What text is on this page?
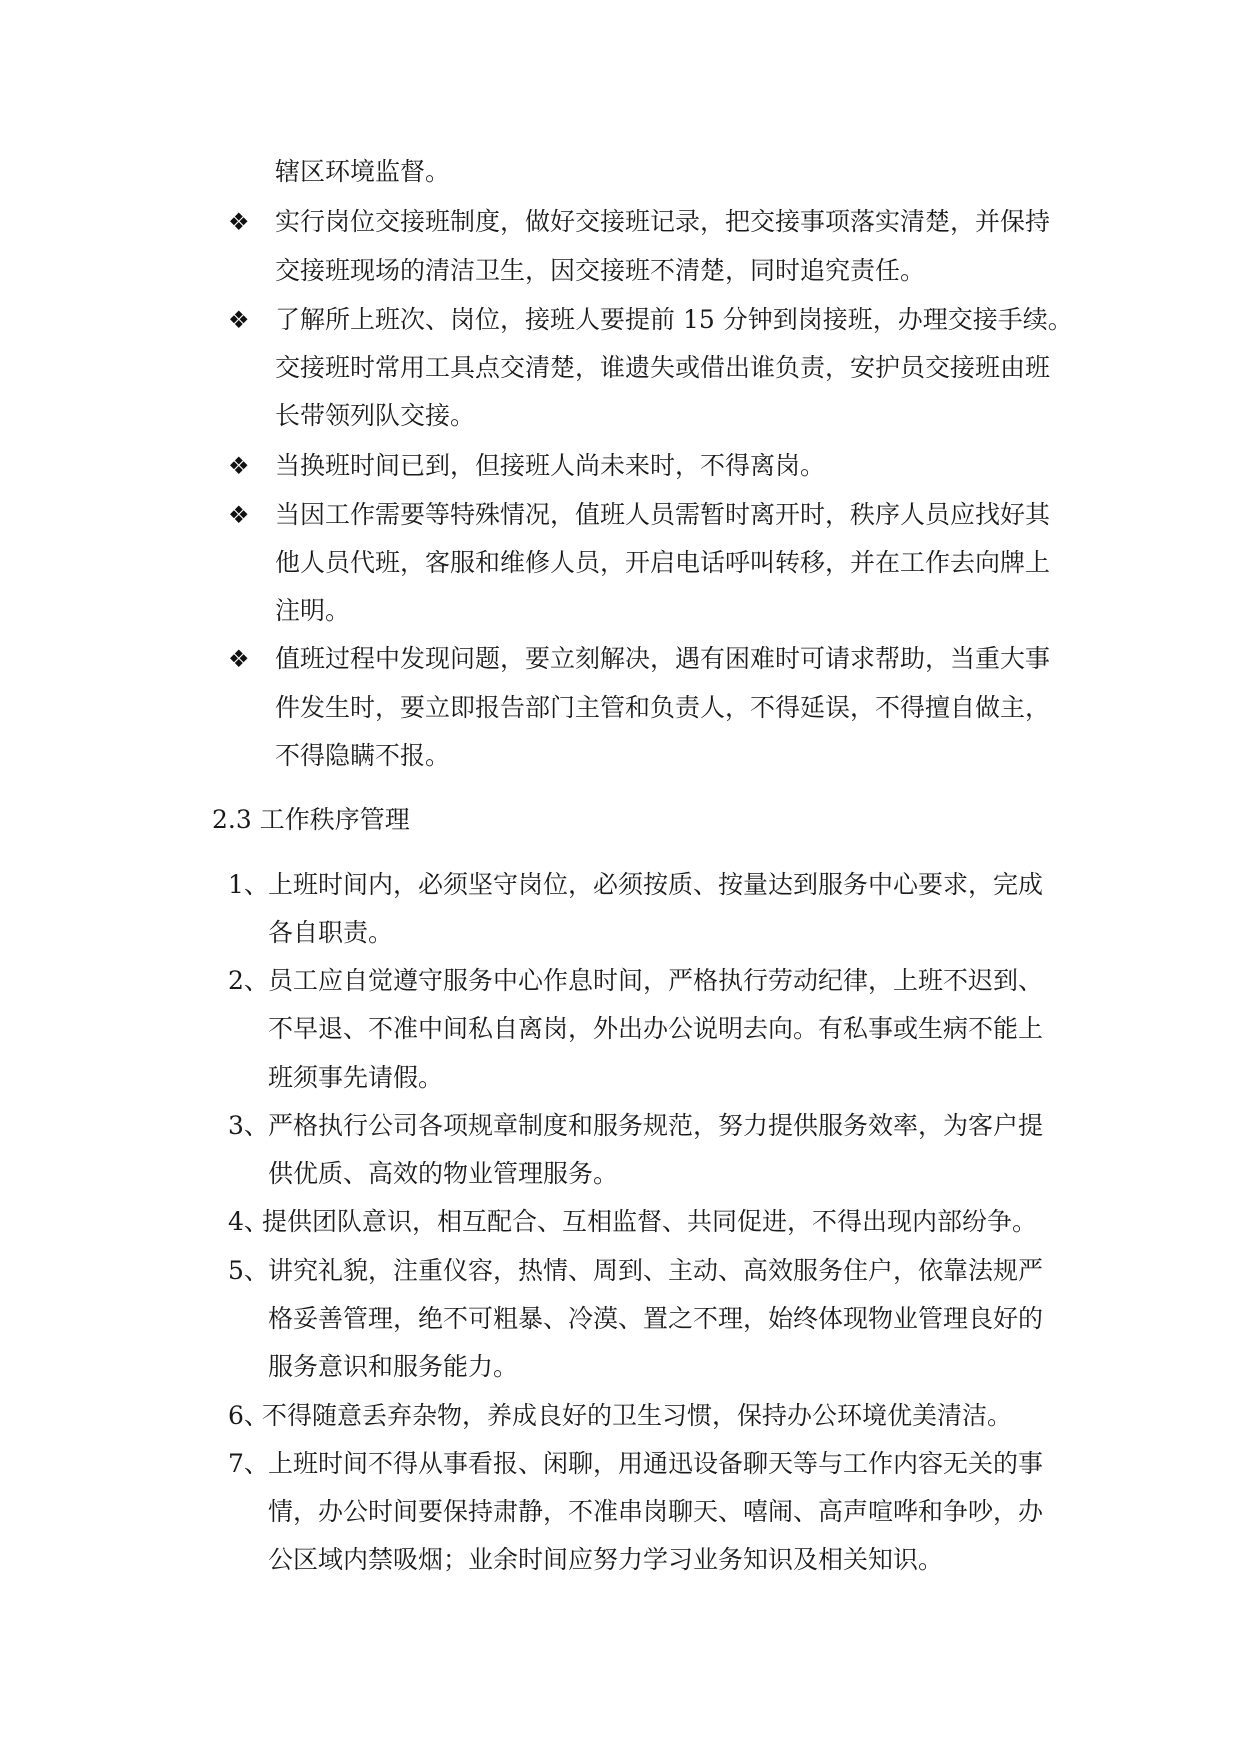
辖区环境监督。
❖ 实行岗位交接班制度，做好交接班记录，把交接事项落实清楚，并保持
交接班现场的清洁卫生，因交接班不清楚，同时追究责任。
❖ 了解所上班次、岗位，接班人要提前 15 分钟到岗接班，办理交接手续。
交接班时常用工具点交清楚，谁遗失或借出谁负责，安护员交接班由班
长带领列队交接。
❖ 当换班时间已到，但接班人尚未来时，不得离岗。
❖ 当因工作需要等特殊情况，值班人员需暂时离开时，秩序人员应找好其
他人员代班，客服和维修人员，开启电话呼叫转移，并在工作去向牌上
注明。
❖ 值班过程中发现问题，要立刻解决，遇有困难时可请求帮助，当重大事
件发生时，要立即报告部门主管和负责人，不得延误，不得擅自做主，
不得隐瞒不报。
2.3 工作秩序管理
1、 上班时间内，必须坚守岗位，必须按质、按量达到服务中心要求，完成
各自职责。
2、 员工应自觉遵守服务中心作息时间，严格执行劳动纪律，上班不迟到、
不早退、不准中间私自离岗，外出办公说明去向。有私事或生病不能上
班须事先请假。
3、 严格执行公司各项规章制度和服务规范，努力提供服务效率，为客户提
供优质、高效的物业管理服务。
4、
提供团队意识，相互配合、互相监督、共同促进，不得出现内部纷争。
5、 讲究礼貌，注重仪容，热情、周到、主动、高效服务住户，依靠法规严
格妥善管理，绝不可粗暴、冷漠、置之不理，始终体现物业管理良好的
服务意识和服务能力。
6、
不得随意丢弃杂物，养成良好的卫生习惯，保持办公环境优美清洁。
7、 上班时间不得从事看报、闲聊，用通迅设备聊天等与工作内容无关的事
情，办公时间要保持肃静，不准串岗聊天、嘻闹、高声喧哗和争吵，办
公区域内禁吸烟；业余时间应努力学习业务知识及相关知识。
